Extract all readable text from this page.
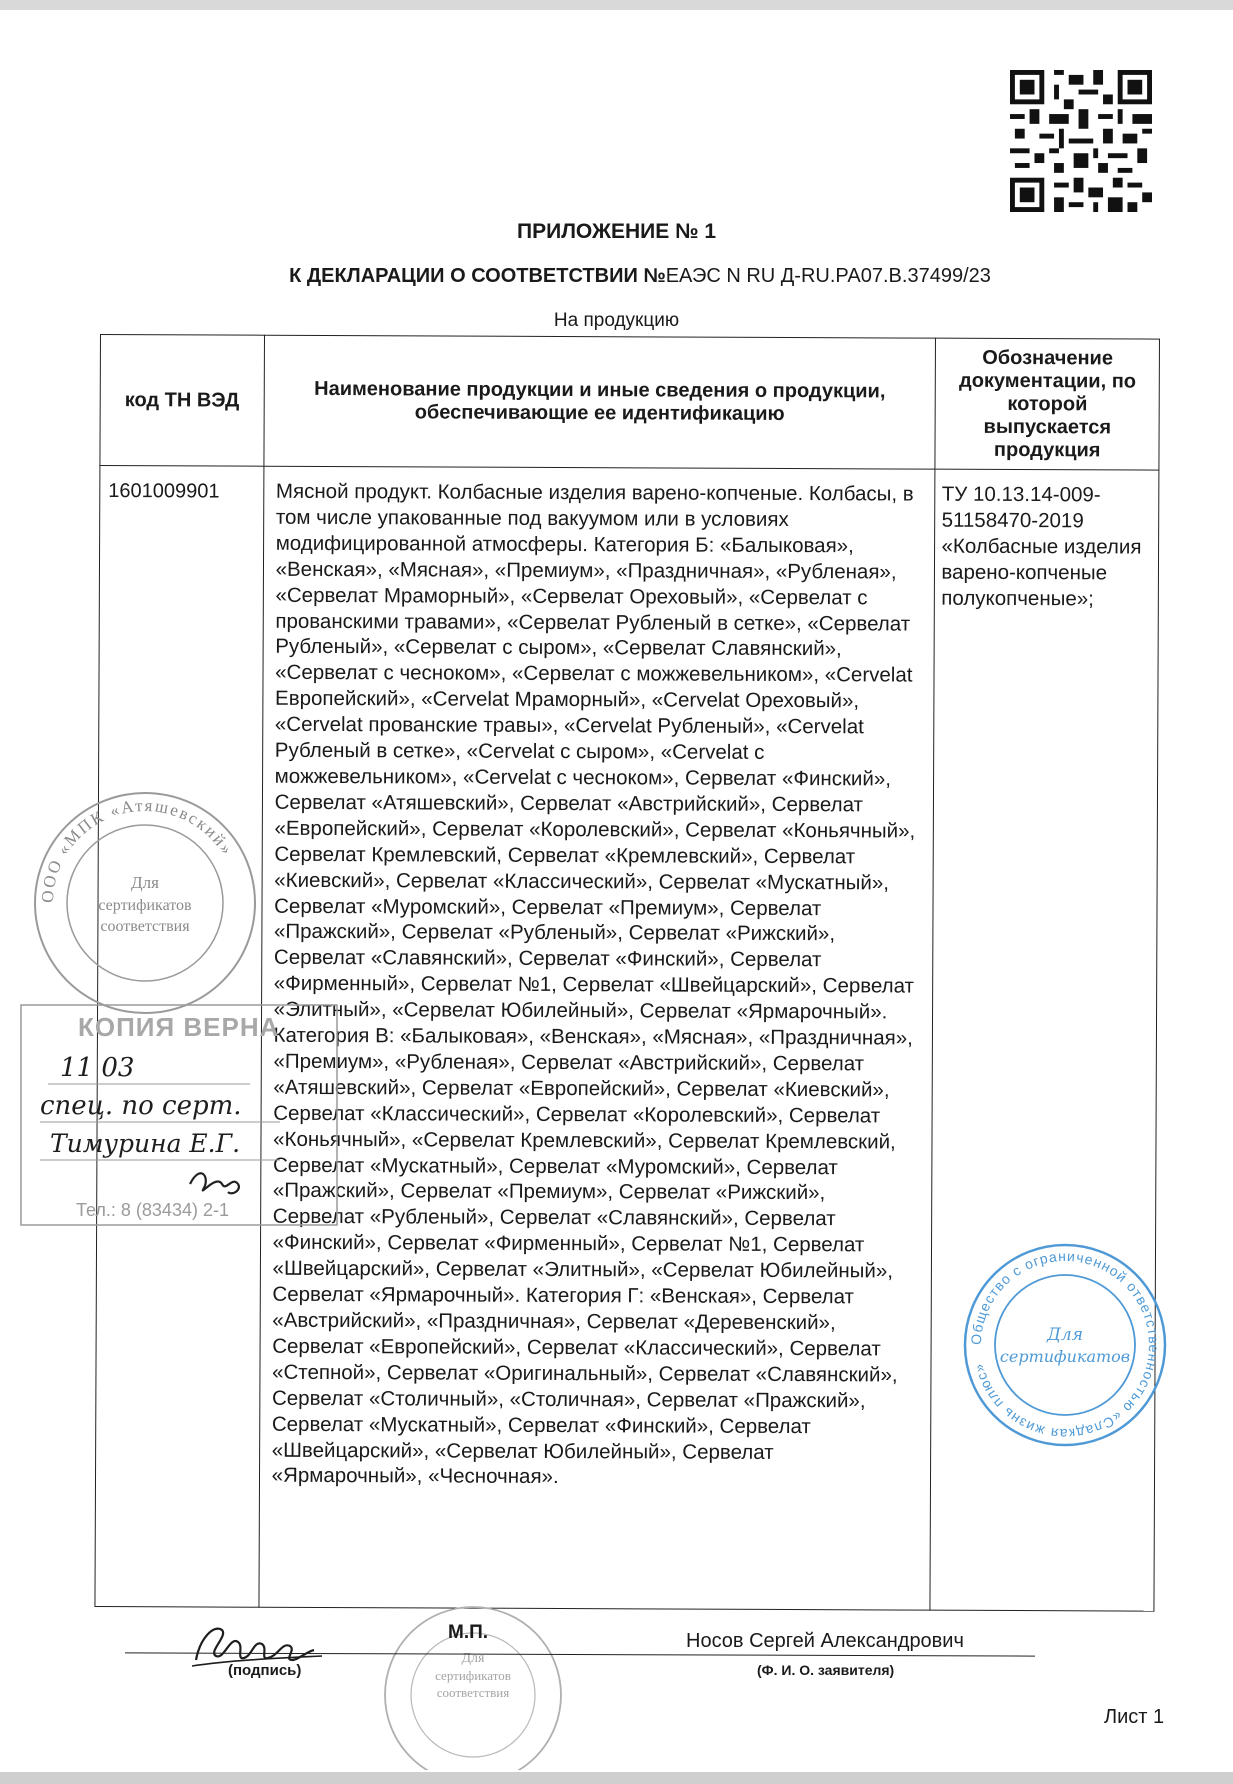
ПРИЛОЖЕНИЕ № 1
К ДЕКЛАРАЦИИ О СООТВЕТСТВИИ №ЕАЭС N RU Д-RU.РА07.В.37499/23
На продукцию
код ТН ВЭД	Наименование продукции и иные сведения о продукции, обеспечивающие ее идентификацию	Обозначение документации, по которой выпускается продукция
1601009901	Мясной продукт. Колбасные изделия варено-копченые. Колбасы, в том числе упакованные под вакуумом или в условиях модифицированной атмосферы. Категория Б: «Балыковая», «Венская», «Мясная», «Премиум», «Праздничная», «Рубленая», «Сервелат Мраморный», «Сервелат Ореховый», «Сервелат с прованскими травами», «Сервелат Рубленый в сетке», «Сервелат Рубленый», «Сервелат с сыром», «Сервелат Славянский», «Сервелат с чесноком», «Сервелат с можжевельником», «Cervelat Европейский», «Cervelat Мраморный», «Cervelat Ореховый», «Cervelat прованские травы», «Cervelat Рубленый», «Cervelat Рубленый в сетке», «Cervelat с сыром», «Cervelat с можжевельником», «Cervelat с чесноком», Сервелат «Финский», Сервелат «Атяшевский», Сервелат «Австрийский», Сервелат «Европейский», Сервелат «Королевский», Сервелат «Коньячный», Сервелат Кремлевский, Сервелат «Кремлевский», Сервелат «Киевский», Сервелат «Классический», Сервелат «Мускатный», Сервелат «Муромский», Сервелат «Премиум», Сервелат «Пражский», Сервелат «Рубленый», Сервелат «Рижский», Сервелат «Славянский», Сервелат «Финский», Сервелат «Фирменный», Сервелат №1, Сервелат «Швейцарский», Сервелат «Элитный», «Сервелат Юбилейный», Сервелат «Ярмарочный». Категория В: «Балыковая», «Венская», «Мясная», «Праздничная», «Премиум», «Рубленая», Сервелат «Австрийский», Сервелат «Атяшевский», Сервелат «Европейский», Сервелат «Киевский», Сервелат «Классический», Сервелат «Королевский», Сервелат «Коньячный», «Сервелат Кремлевский», Сервелат Кремлевский, Сервелат «Мускатный», Сервелат «Муромский», Сервелат «Пражский», Сервелат «Премиум», Сервелат «Рижский», Сервелат «Рубленый», Сервелат «Славянский», Сервелат «Финский», Сервелат «Фирменный», Сервелат №1, Сервелат «Швейцарский», Сервелат «Элитный», «Сервелат Юбилейный», Сервелат «Ярмарочный». Категория Г: «Венская», Сервелат «Австрийский», «Праздничная», Сервелат «Деревенский», Сервелат «Европейский», Сервелат «Классический», Сервелат «Степной», Сервелат «Оригинальный», Сервелат «Славянский», Сервелат «Столичный», «Столичная», Сервелат «Пражский», Сервелат «Мускатный», Сервелат «Финский», Сервелат «Швейцарский», «Сервелат Юбилейный», Сервелат «Ярмарочный», «Чесночная».	ТУ 10.13.14-009-51158470-2019 «Колбасные изделия варено-копченые полукопченые»;
ООО «МПК «Атяшевский»
Для
сертификатов
соответствия
КОПИЯ ВЕРНА
11 03
спец. по серт.
Тимурина Е.Г.
Тел.: 8 (83434) 2-1
Общество с ограниченной ответственностью «Сладкая жизнь плюс»
Для
сертификатов
Для
сертификатов
соответствия
М.П.	Носов Сергей Александрович
(подпись)	(Ф. И. О. заявителя)
Лист 1
